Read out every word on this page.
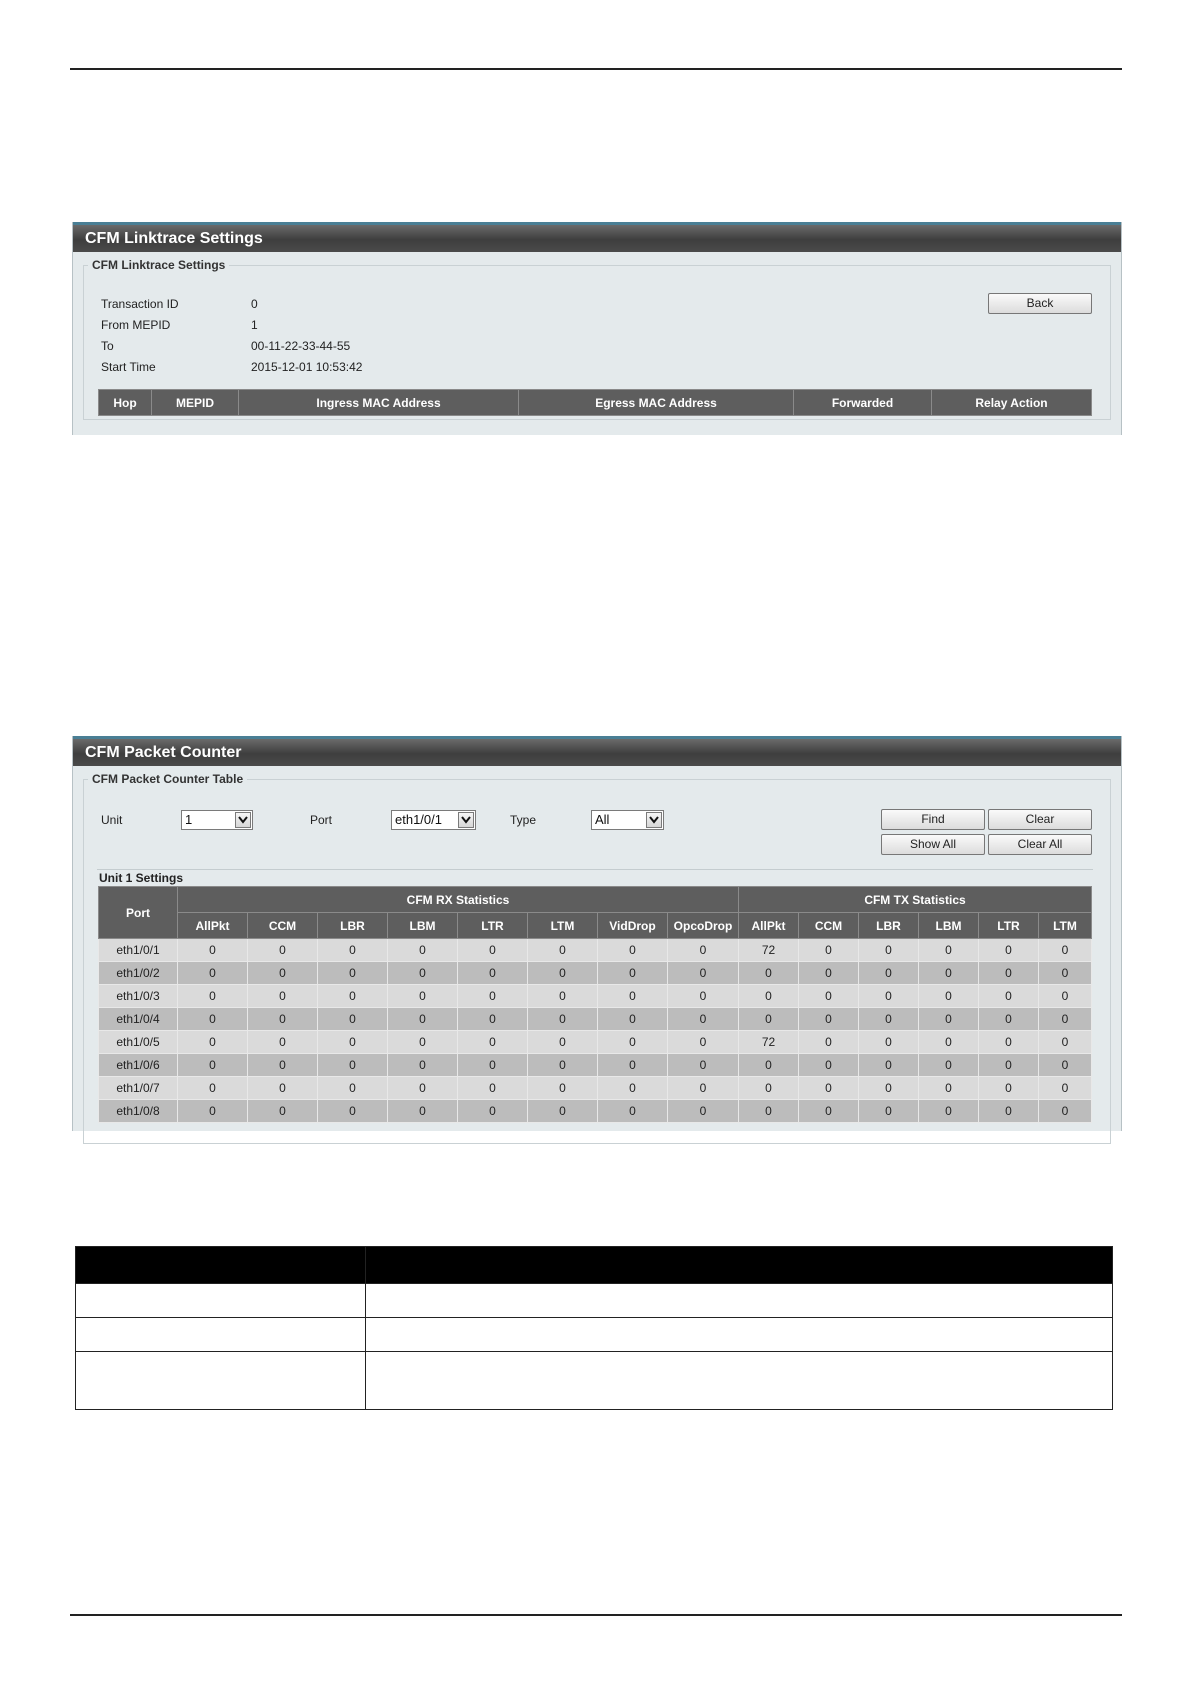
CFM Linktrace Settings
CFM Linktrace Settings
Transaction ID	0
From MEPID	1
To	00-11-22-33-44-55
Start Time	2015-12-01 10:53:42
Back
Hop	MEPID	Ingress MAC Address	Egress MAC Address	Forwarded	Relay Action
CFM Packet Counter
CFM Packet Counter Table
Unit	1	Port	eth1/0/1	Type	All	Find	Clear
Show All	Clear All
Unit 1 Settings
Port	CFM RX Statistics								CFM TX Statistics					
	AllPkt	CCM	LBR	LBM	LTR	LTM	VidDrop	OpcoDrop	AllPkt	CCM	LBR	LBM	LTR	LTM
eth1/0/1	0	0	0	0	0	0	0	0	72	0	0	0	0	0
eth1/0/2	0	0	0	0	0	0	0	0	0	0	0	0	0	0
eth1/0/3	0	0	0	0	0	0	0	0	0	0	0	0	0	0
eth1/0/4	0	0	0	0	0	0	0	0	0	0	0	0	0	0
eth1/0/5	0	0	0	0	0	0	0	0	72	0	0	0	0	0
eth1/0/6	0	0	0	0	0	0	0	0	0	0	0	0	0	0
eth1/0/7	0	0	0	0	0	0	0	0	0	0	0	0	0	0
eth1/0/8	0	0	0	0	0	0	0	0	0	0	0	0	0	0
